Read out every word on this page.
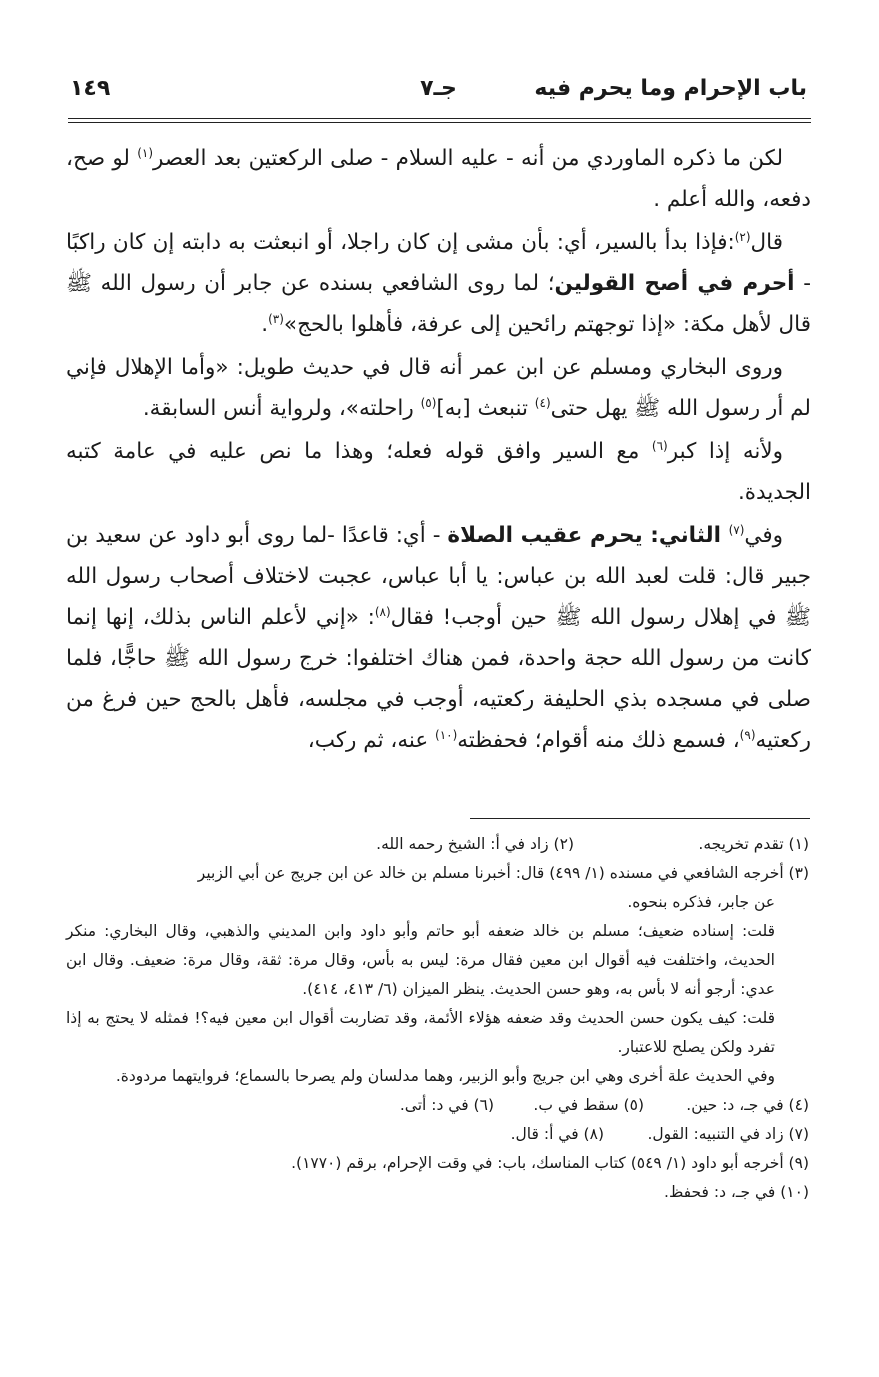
باب الإحرام وما يحرم فيه
جـ٧
١٤٩

لكن ما ذكره الماوردي من أنه - عليه السلام - صلى الركعتين بعد العصر$^{(١)}$ لو صح، دفعه، والله أعلم .

قال$^{(٢)}$:فإذا بدأ بالسير، أي: بأن مشى إن كان راجلا، أو انبعثت به دابته إن كان راكبًا - أحرم في أصح القولين؛ لما روى الشافعي بسنده عن جابر أن رسول الله ﷺ قال لأهل مكة: «إذا توجهتم رائحين إلى عرفة، فأهلوا بالحج»$^{(٣)}$.

وروى البخاري ومسلم عن ابن عمر أنه قال في حديث طويل: «وأما الإهلال فإني لم أر رسول الله ﷺ يهل حتى$^{(٤)}$ تنبعث [به]$^{(٥)}$ راحلته»، ولرواية أنس السابقة.

ولأنه إذا كبر$^{(٦)}$ مع السير وافق قوله فعله؛ وهذا ما نص عليه في عامة كتبه الجديدة.

وفي$^{(٧)}$ الثاني: يحرم عقيب الصلاة - أي: قاعدًا -لما روى أبو داود عن سعيد بن جبير قال: قلت لعبد الله بن عباس: يا أبا عباس، عجبت لاختلاف أصحاب رسول الله ﷺ في إهلال رسول الله ﷺ حين أوجب! فقال$^{(٨)}$: «إني لأعلم الناس بذلك، إنها إنما كانت من رسول الله حجة واحدة، فمن هناك اختلفوا: خرج رسول الله ﷺ حاجًّا، فلما صلى في مسجده بذي الحليفة ركعتيه، أوجب في مجلسه، فأهل بالحج حين فرغ من ركعتيه$^{(٩)}$، فسمع ذلك منه أقوام؛ فحفظته$^{(١٠)}$ عنه، ثم ركب،

(١) تقدم تخريجه.
(٢) زاد في أ: الشيخ رحمه الله.
(٣) أخرجه الشافعي في مسنده (١/ ٤٩٩) قال: أخبرنا مسلم بن خالد عن ابن جريج عن أبي الزبير
عن جابر، فذكره بنحوه.
قلت: إسناده ضعيف؛ مسلم بن خالد ضعفه أبو حاتم وأبو داود وابن المديني والذهبي، وقال البخاري: منكر الحديث، واختلفت فيه أقوال ابن معين فقال مرة: ليس به بأس، وقال مرة: ثقة، وقال مرة: ضعيف. وقال ابن عدي: أرجو أنه لا بأس به، وهو حسن الحديث. ينظر الميزان (٦/ ٤١٣، ٤١٤).
قلت: كيف يكون حسن الحديث وقد ضعفه هؤلاء الأئمة، وقد تضاربت أقوال ابن معين فيه؟! فمثله لا يحتج به إذا تفرد ولكن يصلح للاعتبار.
وفي الحديث علة أخرى وهي ابن جريج وأبو الزبير، وهما مدلسان ولم يصرحا بالسماع؛ فروايتهما مردودة.
(٤) في جـ، د: حين.
(٥) سقط في ب.
(٦) في د: أتى.
(٧) زاد في التنبيه: القول.
(٨) في أ: قال.
(٩) أخرجه أبو داود (١/ ٥٤٩) كتاب المناسك، باب: في وقت الإحرام، برقم (١٧٧٠).
(١٠) في جـ، د: فحفظ.
